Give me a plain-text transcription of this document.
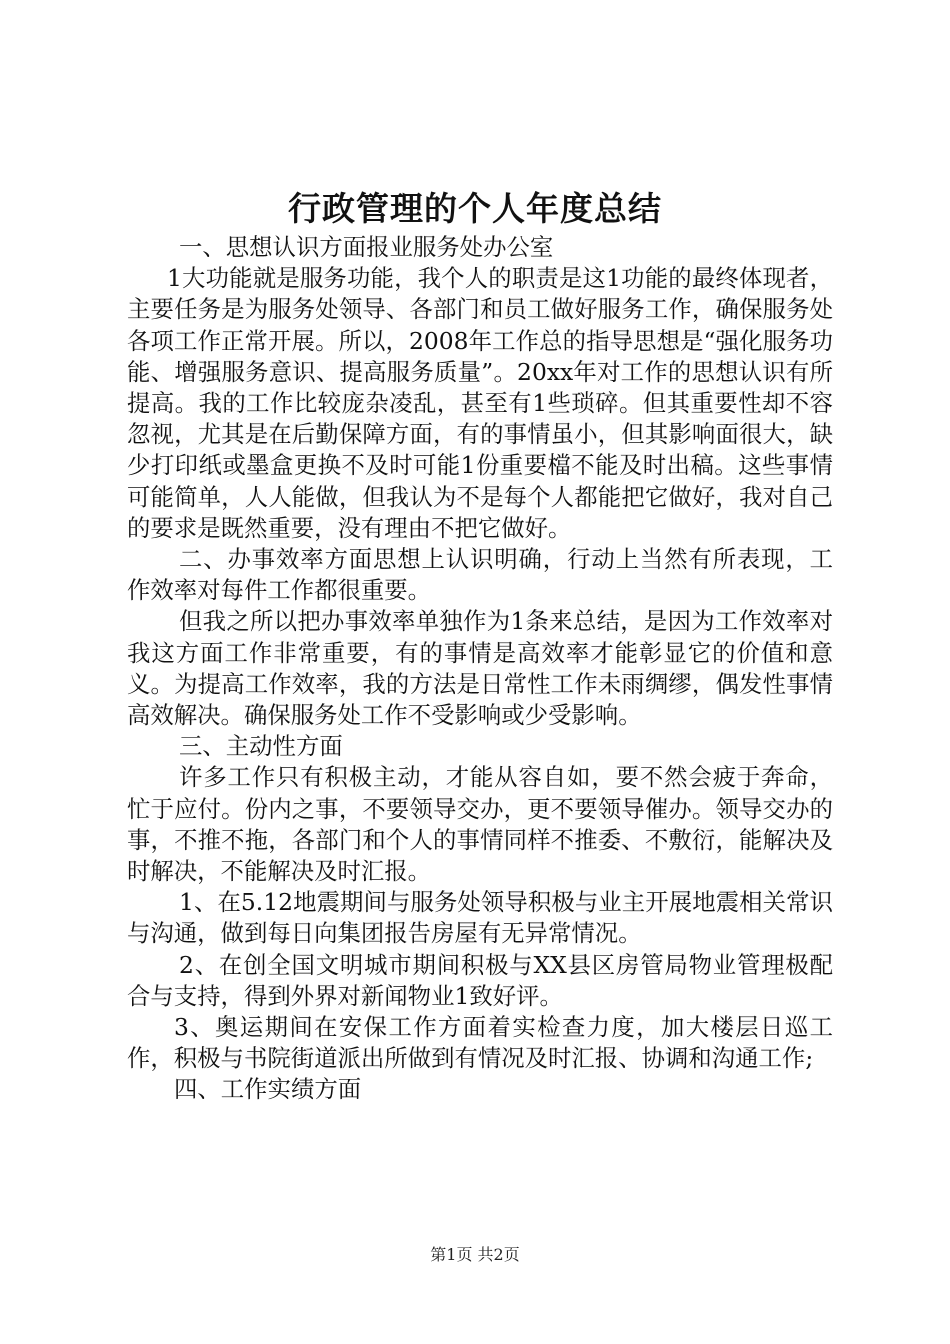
行政管理的个人年度总结

一、思想认识方面报业服务处办公室

1大功能就是服务功能，我个人的职责是这1功能的最终体现者，主要任务是为服务处领导、各部门和员工做好服务工作，确保服务处各项工作正常开展。所以，2008年工作总的指导思想是“强化服务功能、增强服务意识、提高服务质量”。20xx年对工作的思想认识有所提高。我的工作比较庞杂凌乱，甚至有1些琐碎。但其重要性却不容忽视，尤其是在后勤保障方面，有的事情虽小，但其影响面很大，缺少打印纸或墨盒更换不及时可能1份重要檔不能及时出稿。这些事情可能简单，人人能做，但我认为不是每个人都能把它做好，我对自己的要求是既然重要，没有理由不把它做好。

二、办事效率方面思想上认识明确，行动上当然有所表现，工作效率对每件工作都很重要。

但我之所以把办事效率单独作为1条来总结，是因为工作效率对我这方面工作非常重要，有的事情是高效率才能彰显它的价值和意义。为提高工作效率，我的方法是日常性工作未雨绸缪，偶发性事情高效解决。确保服务处工作不受影响或少受影响。

三、主动性方面

许多工作只有积极主动，才能从容自如，要不然会疲于奔命，忙于应付。份内之事，不要领导交办，更不要领导催办。领导交办的事，不推不拖，各部门和个人的事情同样不推委、不敷衍，能解决及时解决，不能解决及时汇报。

1、在5.12地震期间与服务处领导积极与业主开展地震相关常识与沟通，做到每日向集团报告房屋有无异常情况。

2、在创全国文明城市期间积极与XX县区房管局物业管理极配合与支持，得到外界对新闻物业1致好评。

3、奥运期间在安保工作方面着实检查力度，加大楼层日巡工作，积极与书院街道派出所做到有情况及时汇报、协调和沟通工作;

四、工作实绩方面

第1页 共2页
